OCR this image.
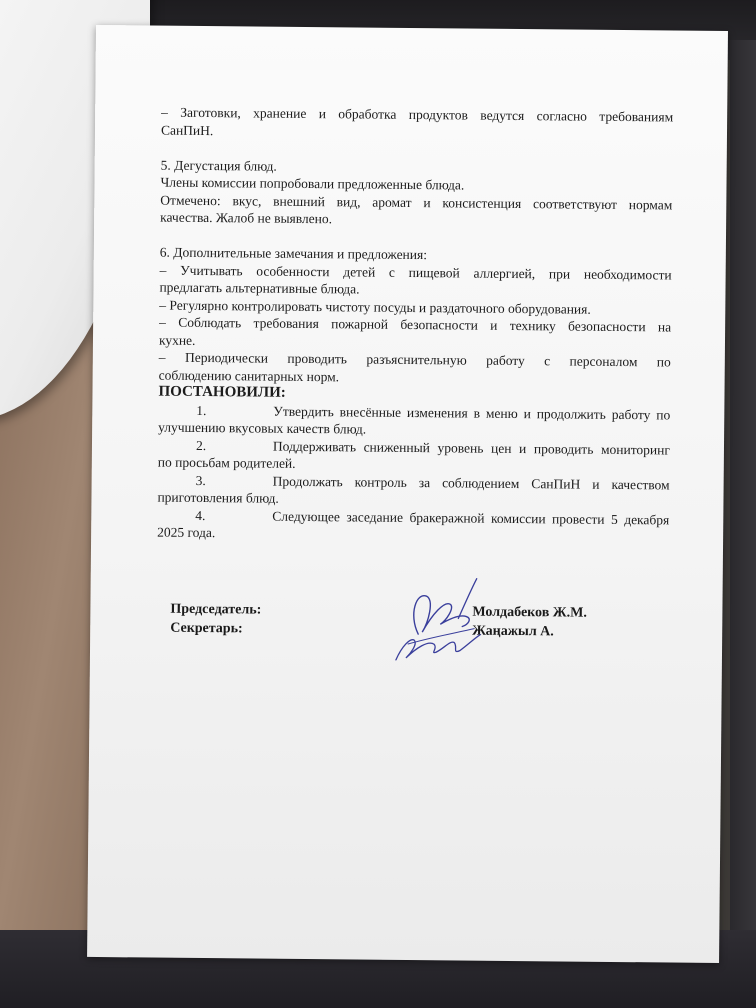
– Заготовки, хранение и обработка продуктов ведутся согласно требованиям

СанПиН.

5. Дегустация блюд.

Члены комиссии попробовали предложенные блюда.

Отмечено: вкус, внешний вид, аромат и консистенция соответствуют нормам

качества. Жалоб не выявлено.

6. Дополнительные замечания и предложения:

– Учитывать особенности детей с пищевой аллергией, при необходимости

предлагать альтернативные блюда.

– Регулярно контролировать чистоту посуды и раздаточного оборудования.

– Соблюдать требования пожарной безопасности и технику безопасности на

кухне.

– Периодически проводить разъяснительную работу с персоналом по

соблюдению санитарных норм.

ПОСТАНОВИЛИ:

1.	Утвердить внесённые изменения в меню и продолжить работу по

улучшению вкусовых качеств блюд.

2.	Поддерживать сниженный уровень цен и проводить мониторинг

по просьбам родителей.

3.	Продолжать контроль за соблюдением СанПиН и качеством

приготовления блюд.

4.	Следующее заседание бракеражной комиссии провести 5 декабря

2025 года.

Председатель:	Молдабеков Ж.М.
Секретарь:	Жаңажыл А.
